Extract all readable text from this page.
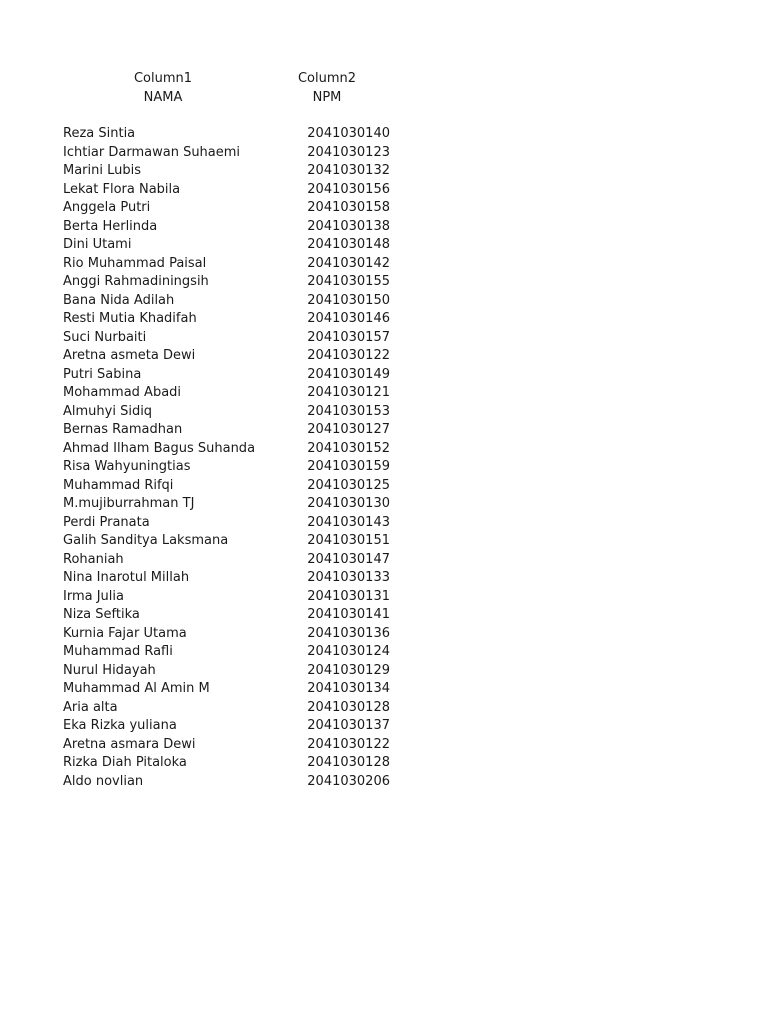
Column1	Column2
NAMA	NPM
Reza Sintia	2041030140
Ichtiar Darmawan Suhaemi	2041030123
Marini Lubis	2041030132
Lekat Flora Nabila	2041030156
Anggela Putri	2041030158
Berta Herlinda	2041030138
Dini Utami	2041030148
Rio Muhammad Paisal	2041030142
Anggi Rahmadiningsih	2041030155
Bana Nida Adilah	2041030150
Resti Mutia Khadifah	2041030146
Suci Nurbaiti	2041030157
Aretna asmeta Dewi	2041030122
Putri Sabina	2041030149
Mohammad Abadi	2041030121
Almuhyi Sidiq	2041030153
Bernas Ramadhan	2041030127
Ahmad Ilham Bagus Suhanda	2041030152
Risa Wahyuningtias	2041030159
Muhammad Rifqi	2041030125
M.mujiburrahman TJ	2041030130
Perdi Pranata	2041030143
Galih Sanditya Laksmana	2041030151
Rohaniah	2041030147
Nina Inarotul Millah	2041030133
Irma Julia	2041030131
Niza Seftika	2041030141
Kurnia Fajar Utama	2041030136
Muhammad Rafli	2041030124
Nurul Hidayah	2041030129
Muhammad Al Amin M	2041030134
Aria alta	2041030128
Eka Rizka yuliana	2041030137
Aretna asmara Dewi	2041030122
Rizka Diah Pitaloka	2041030128
Aldo novlian	2041030206
